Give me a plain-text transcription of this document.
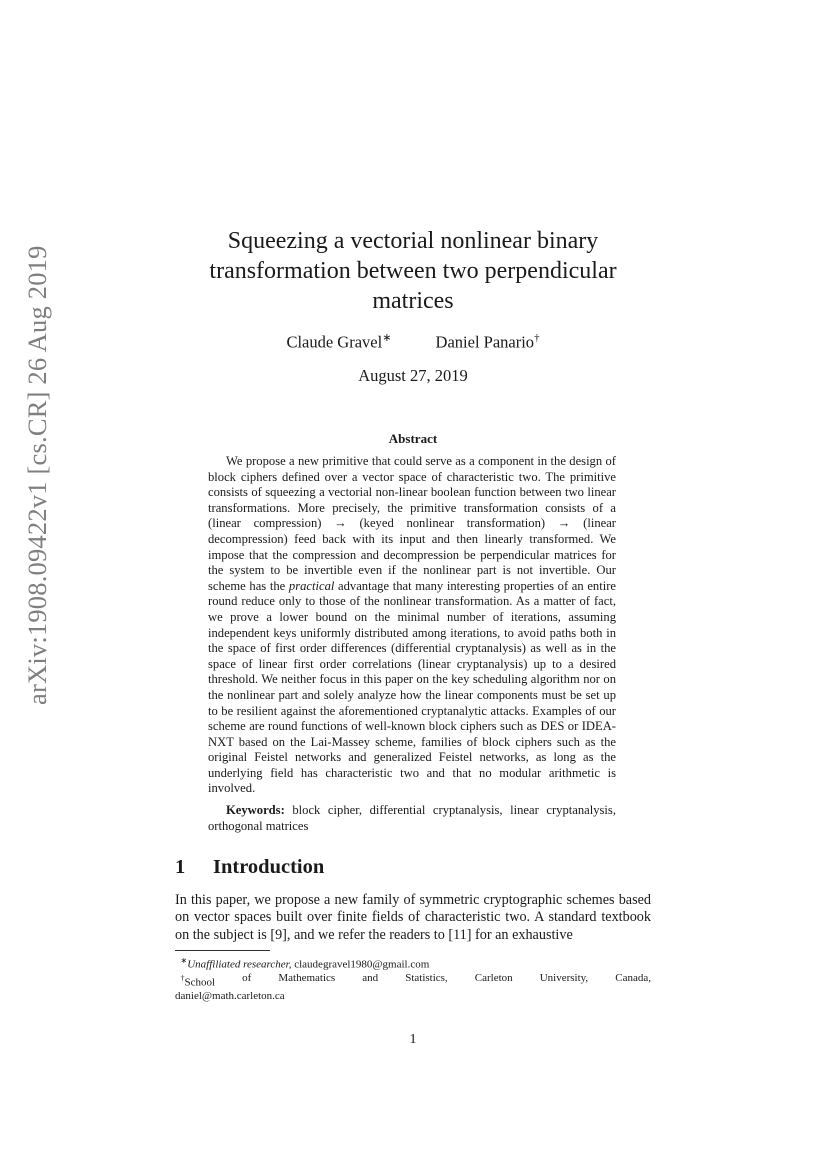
arXiv:1908.09422v1 [cs.CR] 26 Aug 2019
Squeezing a vectorial nonlinear binary transformation between two perpendicular matrices
Claude Gravel∗	Daniel Panario†
August 27, 2019
Abstract
We propose a new primitive that could serve as a component in the design of block ciphers defined over a vector space of characteristic two. The primitive consists of squeezing a vectorial non-linear boolean function between two linear transformations. More precisely, the primitive transformation consists of a (linear compression) → (keyed nonlinear transformation) → (linear decompression) feed back with its input and then linearly transformed. We impose that the compression and decompression be perpendicular matrices for the system to be invertible even if the nonlinear part is not invertible. Our scheme has the practical advantage that many interesting properties of an entire round reduce only to those of the nonlinear transformation. As a matter of fact, we prove a lower bound on the minimal number of iterations, assuming independent keys uniformly distributed among iterations, to avoid paths both in the space of first order differences (differential cryptanalysis) as well as in the space of linear first order correlations (linear cryptanalysis) up to a desired threshold. We neither focus in this paper on the key scheduling algorithm nor on the nonlinear part and solely analyze how the linear components must be set up to be resilient against the aforementioned cryptanalytic attacks. Examples of our scheme are round functions of well-known block ciphers such as DES or IDEA-NXT based on the Lai-Massey scheme, families of block ciphers such as the original Feistel networks and generalized Feistel networks, as long as the underlying field has characteristic two and that no modular arithmetic is involved.
Keywords: block cipher, differential cryptanalysis, linear cryptanalysis, orthogonal matrices
1 Introduction
In this paper, we propose a new family of symmetric cryptographic schemes based on vector spaces built over finite fields of characteristic two. A standard textbook on the subject is [9], and we refer the readers to [11] for an exhaustive
∗Unaffiliated researcher, claudegravel1980@gmail.com
†School of Mathematics and Statistics, Carleton University, Canada,
daniel@math.carleton.ca
1
